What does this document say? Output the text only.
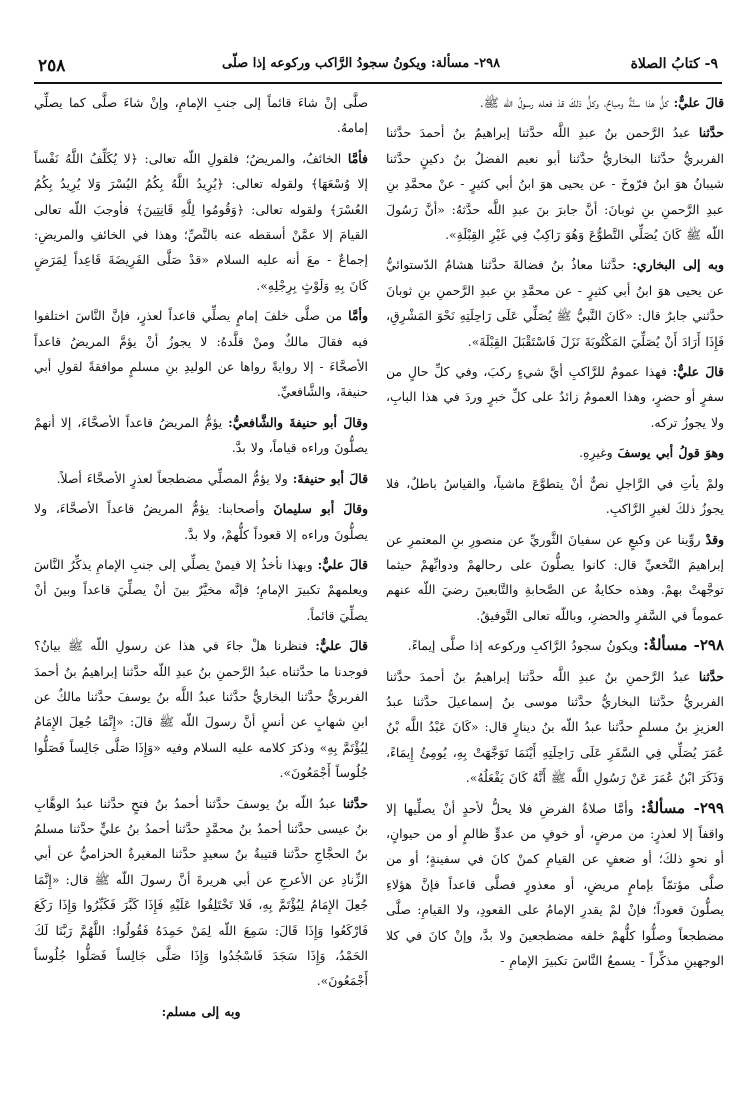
٢٥٨	٢٩٨- مسألة: ويكونُ سجودُ الرَّاكب وركوعه إذا صلّى	٩- كتابُ الصلاة

قالَ عليٌّ: كلُّ هذا سنَّةٌ ومباحٌ، وكلُّ ذلكَ قدْ فعله رسولُ اللّه ﷺ.

حدَّثنا عبدُ الرَّحمن بنُ عبدِ اللَّه حدَّثنا إبراهيمُ بنُ أحمدَ حدَّثنا الفربريُّ حدَّثنا البخاريُّ حدَّثنا أبو نعيم الفضلُ بنُ دكينٍ حدَّثنا شيبانُ هوَ ابنُ فرّوخَ - عن يحيى هوَ ابنُ أبي كثيرٍ - عنْ محمَّدِ بنِ عبدِ الرَّحمنِ بنِ ثوبانَ: أنَّ جابرَ بنَ عبدِ اللَّه حدَّثهُ: «أنَّ رَسُولَ اللّه ﷺ كَانَ يُصَلِّي التَّطوُّعَ وَهُوَ رَاكِبٌ فِي غَيْرِ القِبْلَةِ».

وبه إلى البخاري: حدَّثنا معاذُ بنُ فضالةَ حدَّثنا هشامٌ الدّستوائيُّ عن يحيى هوَ ابنُ أبي كثيرٍ - عن محمَّدِ بنِ عبدِ الرَّحمنِ بنِ ثوبانَ حدَّثني جابرٌ قال: «كَانَ النَّبيُّ ﷺ يُصَلِّي عَلَى رَاحِلَتِهِ نَحْوَ المَشْرِقِ، فَإِذَا أَرَادَ أَنْ يُصَلِّيَ المَكْتُوبَةَ نَزَلَ فَاسْتَقْبَلَ القِبْلَةَ».

قالَ عليٌّ: فهذا عمومٌ للرَّاكبِ أيَّ شيءٍ ركبَ، وفي كلِّ حالٍ من سفرٍ أو حضرٍ، وهذا العمومُ زائدٌ على كلِّ خبرٍ وردَ في هذا البابِ، ولا يجوزُ تركه.

وهوَ قولُ أبي يوسفَ وغيرِهِ.

ولمْ يأتِ في الرَّاجلِ نصٌّ أنْ يتطوَّعَ ماشياً، والقياسُ باطلٌ، فلا يجوزُ ذلكَ لغيرِ الرَّاكبِ.

وقدْ روِّينا عن وكيعٍ عن سفيانَ الثَّوريِّ عن منصورِ بنِ المعتمرِ عن إبراهيمَ النَّخعيِّ قال: كانوا يصلُّونَ على رحالهمْ ودوابِّهمْ حيثما توجَّهتْ بهمْ. وهذه حكايةٌ عن الصَّحابةِ والتَّابعينَ رضيَ اللّه عنهم عموماً في السَّفرِ والحضرِ، وباللّه تعالى التَّوفيقُ.

٢٩٨- مسألةٌ: ويكونُ سجودُ الرَّاكبِ وركوعه إذا صلَّى إيماءً.

حدَّثنا عبدُ الرَّحمنِ بنُ عبدِ اللَّه حدَّثنا إبراهيمُ بنُ أحمدَ حدَّثنا الفربريُّ حدَّثنا البخاريُّ حدَّثنا موسى بنُ إسماعيلَ حدَّثنا عبدُ العزيزِ بنُ مسلمٍ حدَّثنا عبدُ اللّه بنُ دينارٍ قال: «كَانَ عَبْدُ اللَّه بْنُ عُمَرَ يُصَلِّي فِي السَّفَرِ عَلَى رَاحِلَتِهِ أَيْنَمَا تَوَجَّهَتْ بِهِ، يُومِئُ إِيمَاءً، وَذَكَرَ ابْنُ عُمَرَ عَنْ رَسُولِ اللَّه ﷺ أَنَّهُ كَانَ يَفْعَلُهُ».

٢٩٩- مسألةٌ: وأمَّا صلاةُ الفرضِ فلا يحلُّ لأحدٍ أنْ يصلِّيها إلا واقفاً إلا لعذرٍ: من مرضٍ، أو خوفٍ من عدوٍّ ظالمٍ أو من حيوانٍ، أو نحوِ ذلكَ؛ أو ضعفٍ عن القيامِ كمنْ كانَ في سفينةٍ؛ أو من صلَّى مؤتمّاً بإمامٍ مريضٍ، أو معذورٍ فصلَّى قاعداً فإنَّ هؤلاءِ يصلُّونَ قعوداً؛ فإنْ لمْ يقدرِ الإمامُ على القعودِ، ولا القيامِ: صلَّى مضطجعاً وصلُّوا كلُّهمْ خلفه مضطجعينَ ولا بدَّ، وإنْ كانَ في كلا الوجهينِ مذكِّراً - يسمعُ النَّاسَ تكبيرَ الإمامِ -

صلَّى إنْ شاءَ قائماً إلى جنبِ الإمامِ، وإنْ شاءَ صلَّى كما يصلِّي إمامهُ.

فأمَّا الخائفُ، والمريضُ؛ فلقولِ اللّه تعالى: ﴿لا يُكَلِّفُ اللَّهُ نَفْساً إلا وُسْعَهَا﴾ ولقوله تعالى: ﴿يُرِيدُ اللَّهُ بِكُمُ اليُسْرَ وَلا يُرِيدُ بِكُمُ العُسْرَ﴾ ولقوله تعالى: ﴿وَقُومُوا لِلَّهِ قَانِتِينَ﴾ فأوجبَ اللّه تعالى القيامَ إلا عمَّنْ أسقطه عنه بالنَّصِّ؛ وهذا في الخائفِ والمريضِ: إجماعٌ - معَ أنه عليه السلام «قدْ صَلَّى الفَرِيضَةَ قَاعِداً لِمَرَضٍ كَانَ بِهِ وَلَوْثٍ بِرِجْلِهِ».

وأمَّا من صلَّى خلفَ إمامٍ يصلِّي قاعداً لعذرٍ، فإنَّ النَّاسَ اختلفوا فيه فقالَ مالكٌ ومنْ قلَّدهُ: لا يجوزُ أنْ يؤمَّ المريضُ قاعداً الأصحَّاءَ - إلا روايةً رواها عن الوليدِ بنِ مسلمٍ موافقةً لقولِ أبي حنيفةَ، والشَّافعيِّ.

وقالَ أبو حنيفةَ والشَّافعيُّ: يؤمُّ المريضُ قاعداً الأصحَّاءَ، إلا أنهمْ يصلُّونَ وراءه قياماً، ولا بدَّ.

قالَ أبو حنيفةَ: ولا يؤمُّ المصلِّي مضطجعاً لعذرٍ الأصحَّاءَ أصلاً.

وقالَ أبو سليمانَ وأصحابنا: يؤمُّ المريضُ قاعداً الأصحَّاءَ، ولا يصلُّونَ وراءه إلا قعوداً كلُّهمْ، ولا بدَّ.

قالَ عليٌّ: وبهذا نأخذُ إلا فيمنْ يصلِّي إلى جنبِ الإمامِ يذكِّرُ النَّاسَ ويعلمهمْ تكبيرَ الإمامِ؛ فإنَّه مخيَّرٌ بينَ أنْ يصلِّيَ قاعداً وبينَ أنْ يصلِّيَ قائماً.

قالَ عليٌّ: فنظرنا هلْ جاءَ في هذا عن رسولِ اللّه ﷺ بيانٌ؟ فوجدنا ما حدَّثناه عبدُ الرَّحمنِ بنُ عبدِ اللّه حدَّثنا إبراهيمُ بنُ أحمدَ الفربريُّ حدَّثنا البخاريُّ حدَّثنا عبدُ اللَّه بنُ يوسفَ حدَّثنا مالكٌ عن ابنِ شهابٍ عن أنسٍ أنَّ رسولَ اللّه ﷺ قالَ: «إِنَّمَا جُعِلَ الإِمَامُ لِيُؤْتَمَّ بِهِ» وذكرَ كلامه عليه السلام وفيه «وَإِذَا صَلَّى جَالِساً فَصَلُّوا جُلُوساً أَجْمَعُونَ».

حدَّثنا عبدُ اللّه بنُ يوسفَ حدَّثنا أحمدُ بنُ فتحٍ حدَّثنا عبدُ الوهَّابِ بنُ عيسى حدَّثنا أحمدُ بنُ محمَّدٍ حدَّثنا أحمدُ بنُ عليٍّ حدَّثنا مسلمُ بنُ الحجَّاجِ حدَّثنا قتيبةُ بنُ سعيدٍ حدَّثنا المغيرةُ الحزاميُّ عن أبي الزِّنادِ عن الأعرجِ عن أبي هريرةَ أنَّ رسولَ اللّه ﷺ قال: «إِنَّمَا جُعِلَ الإِمَامُ لِيُؤْتَمَّ بِهِ، فَلا تَخْتَلِفُوا عَلَيْهِ فَإِذَا كَبَّرَ فَكَبِّرُوا وَإِذَا رَكَعَ فَارْكَعُوا وَإِذَا قَالَ: سَمِعَ اللّه لِمَنْ حَمِدَهُ فَقُولُوا: اللَّهُمَّ رَبَّنَا لَكَ الحَمْدُ، وَإِذَا سَجَدَ فَاسْجُدُوا وَإِذَا صَلَّى جَالِساً فَصَلُّوا جُلُوساً أَجْمَعُونَ».

وبه إلى مسلم:
